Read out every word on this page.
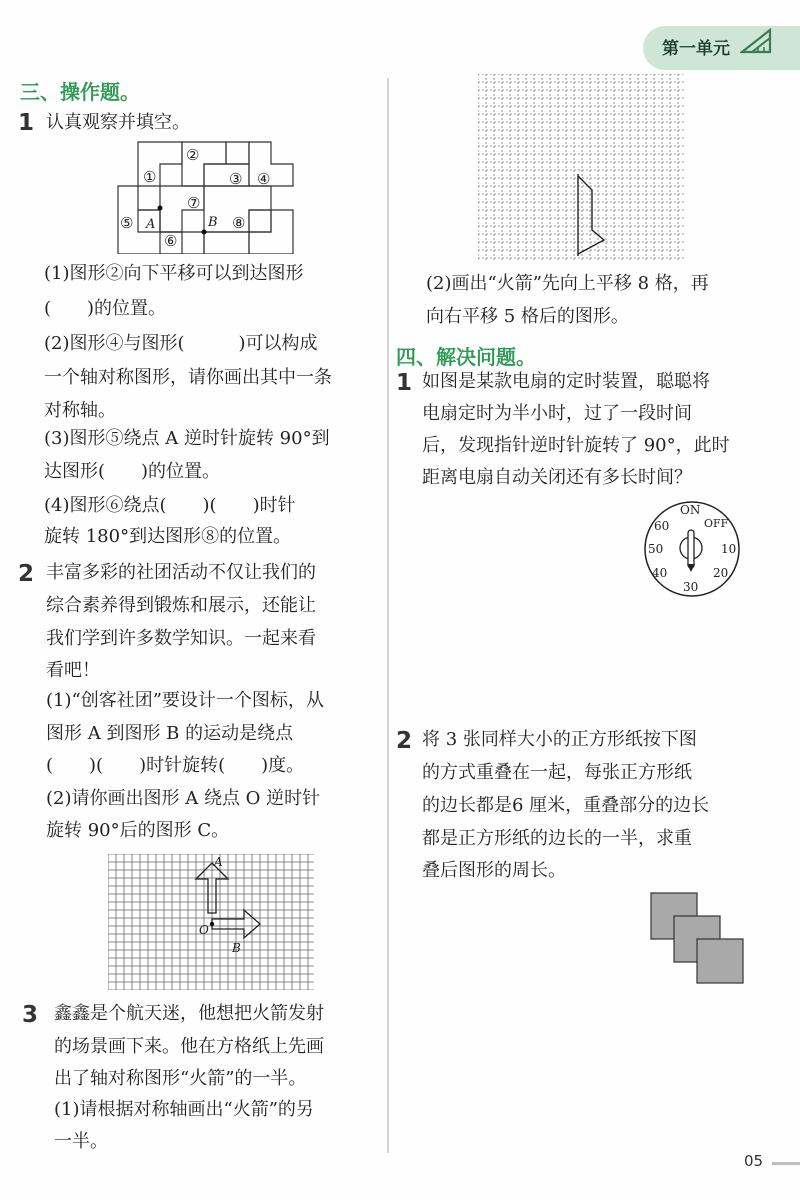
第一单元
三、操作题。
1 认真观察并填空。
②
①	③ ④
⑦
⑤	⑧
⑥
A	B
(1)图形②向下平移可以到达图形
(　　)的位置。
(2)图形④与图形(　　　)可以构成
一个轴对称图形，请你画出其中一条
对称轴。
(3)图形⑤绕点 A 逆时针旋转 90°到
达图形(　　)的位置。
(4)图形⑥绕点(　　)(　　)时针
旋转 180°到达图形⑧的位置。
2 丰富多彩的社团活动不仅让我们的
综合素养得到锻炼和展示，还能让
我们学到许多数学知识。一起来看
看吧！
(1)“创客社团”要设计一个图标，从
图形 A 到图形 B 的运动是绕点
(　　)(　　)时针旋转(　　)度。
(2)请你画出图形 A 绕点 O 逆时针
旋转 90°后的图形 C。
A
O
B
3 鑫鑫是个航天迷，他想把火箭发射
的场景画下来。他在方格纸上先画
出了轴对称图形“火箭”的一半。
(1)请根据对称轴画出“火箭”的另
一半。
(2)画出“火箭”先向上平移 8 格，再
向右平移 5 格后的图形。
四、解决问题。
1 如图是某款电扇的定时装置，聪聪将
电扇定时为半小时，过了一段时间
后，发现指针逆时针旋转了 90°，此时
距离电扇自动关闭还有多长时间？
ON
OFF
10
20
30
40
50
60
2 将 3 张同样大小的正方形纸按下图
的方式重叠在一起，每张正方形纸
的边长都是6 厘米，重叠部分的边长
都是正方形纸的边长的一半，求重
叠后图形的周长。
05
